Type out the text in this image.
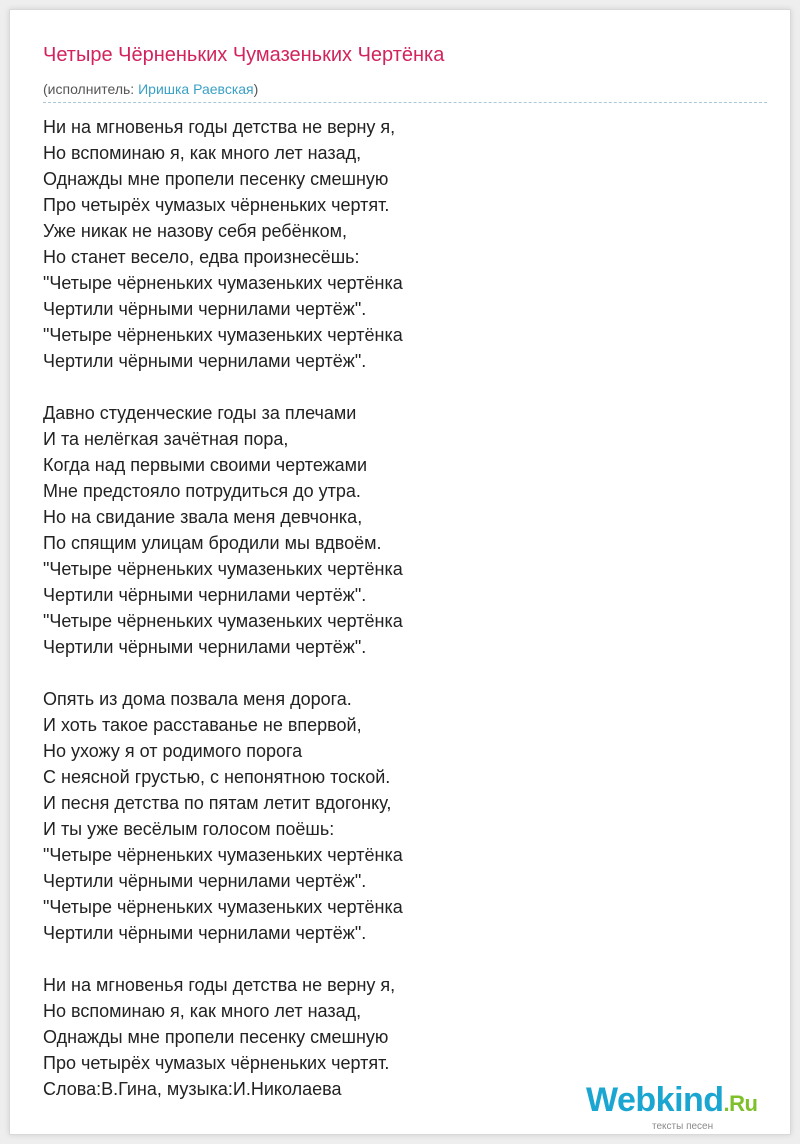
Четыре Чёрненьких Чумазеньких Чертёнка
(исполнитель: Иришка Раевская)
Ни на мгновенья годы детства не верну я,
Но вспоминаю я, как много лет назад,
Однажды мне пропели песенку смешную
Про четырёх чумазых чёрненьких чертят.
Уже никак не назову себя ребёнком,
Но станет весело, едва произнесёшь:
"Четыре чёрненьких чумазеньких чертёнка
Чертили чёрными чернилами чертёж".
"Четыре чёрненьких чумазеньких чертёнка
Чертили чёрными чернилами чертёж".
Давно студенческие годы за плечами
И та нелёгкая зачётная пора,
Когда над первыми своими чертежами
Мне предстояло потрудиться до утра.
Но на свидание звала меня девчонка,
По спящим улицам бродили мы вдвоём.
"Четыре чёрненьких чумазеньких чертёнка
Чертили чёрными чернилами чертёж".
"Четыре чёрненьких чумазеньких чертёнка
Чертили чёрными чернилами чертёж".
Опять из дома позвала меня дорога.
И хоть такое расставанье не впервой,
Но ухожу я от родимого порога
С неясной грустью, с непонятною тоской.
И песня детства по пятам летит вдогонку,
И ты уже весёлым голосом поёшь:
"Четыре чёрненьких чумазеньких чертёнка
Чертили чёрными чернилами чертёж".
"Четыре чёрненьких чумазеньких чертёнка
Чертили чёрными чернилами чертёж".
Ни на мгновенья годы детства не верну я,
Но вспоминаю я, как много лет назад,
Однажды мне пропели песенку смешную
Про четырёх чумазых чёрненьких чертят.
Слова:В.Гина, музыка:И.Николаева	Webkind.Ru
тексты песен
